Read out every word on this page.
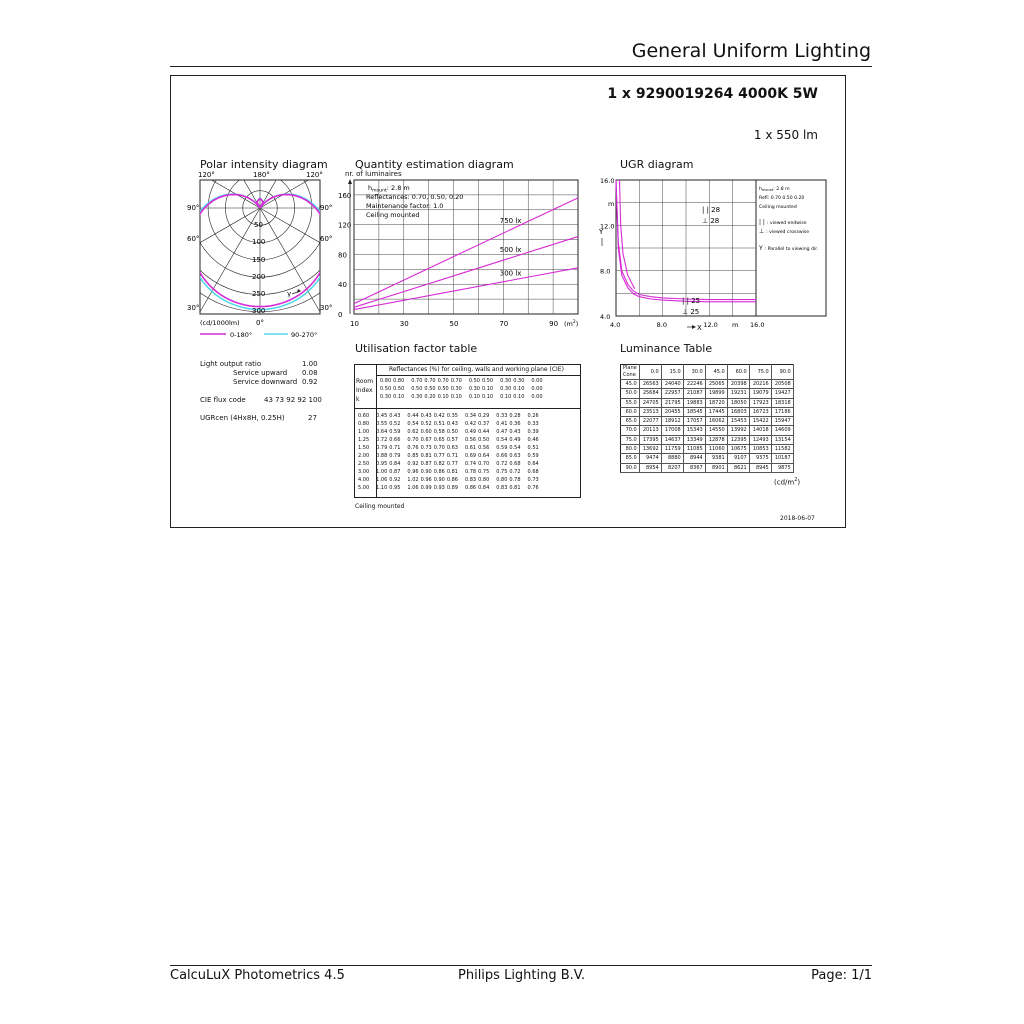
General Uniform Lighting
1 x 9290019264 4000K 5W
1 x 550 lm
Polar intensity diagram
120°	180°	120°
90°
60°
30°
90°
60°
30°
50
100
150
200
250
300
γ
0°
(cd/1000lm)
0-180°	90-270°
Light output ratio	1.00
Service upward 0.08
Service downward 0.92
CIE flux code	43 73 92 92 100
UGRcen (4Hx8H, 0.25H)	27
Quantity estimation diagram
nr. of luminaires
750 lx
500 lx
300 lx
10	30	50	70	90
0
40
80
120
160
$h_{mount}$: 2.8 m
Reflectances: 0.70, 0.50, 0.20
Maintenance factor: 1.0
Ceiling mounted
$(m^2)$
UGR diagram
4.0
8.0
12.0
16.0
4.0	8.0	12.0	16.0
m
m
Y
X
| | 28
⊥ 28
| | 25
⊥ 25
$h_{mount}$: 2.8 m
Refl: 0.70 0.50 0.20
Ceiling mounted
| | : viewed endwise
⊥ : viewed crosswise
Y : Parallel to viewing dir.
Utilisation factor table
Reflectances (%) for ceiling, walls and working plane (CIE)
Room Index k
0.80	0.80	0.70	0.70	0.70	0.70	0.50	0.50	0.30	0.30	0.00
0.50	0.50	0.50	0.50	0.50	0.30	0.30	0.10	0.30	0.10	0.00
0.30	0.10	0.30	0.20	0.10	0.10	0.10	0.10	0.10	0.10	0.00
0.60	0.45	0.43	0.44	0.43	0.42	0.35	0.34	0.29	0.33	0.28	0.26
0.80	0.55	0.52	0.54	0.52	0.51	0.43	0.42	0.37	0.41	0.36	0.33
1.00	0.64	0.59	0.62	0.60	0.58	0.50	0.49	0.44	0.47	0.43	0.39
1.25	0.72	0.66	0.70	0.67	0.65	0.57	0.56	0.50	0.54	0.49	0.46
1.50	0.79	0.71	0.76	0.73	0.70	0.63	0.61	0.56	0.59	0.54	0.51
2.00	0.88	0.79	0.85	0.81	0.77	0.71	0.69	0.64	0.66	0.63	0.59
2.50	0.95	0.84	0.92	0.87	0.82	0.77	0.74	0.70	0.72	0.68	0.64
3.00	1.00	0.87	0.96	0.90	0.86	0.81	0.78	0.75	0.75	0.72	0.68
4.00	1.06	0.92	1.02	0.96	0.90	0.86	0.83	0.80	0.80	0.78	0.73
5.00	1.10	0.95	1.06	0.99	0.93	0.89	0.86	0.84	0.83	0.81	0.76
Ceiling mounted
Luminance Table
Plane
Cone	0.0	15.0	30.0	45.0	60.0	75.0	90.0
45.0	26563	24040	22246	25065	20398	20216	20508
50.0	25684	22957	21087	19899	19231	19079	19427
55.0	24705	21795	19883	18720	18050	17923	18318
60.0	23513	20455	18545	17445	16803	16723	17186
65.0	22077	18912	17057	16062	15453	15422	15947
70.0	20113	17008	15343	14550	13992	14018	14609
75.0	17395	14637	13349	12878	12395	12493	13154
80.0	13692	11759	11085	11060	10675	10853	11582
85.0	9474	8880	8944	9381	9107	9375	10187
90.0	8954	8207	8367	8901	8621	8945	9875
$(cd/m^2)$
2018-06-07
CalcuLuX Photometrics 4.5	Philips Lighting B.V.	Page: 1/1
